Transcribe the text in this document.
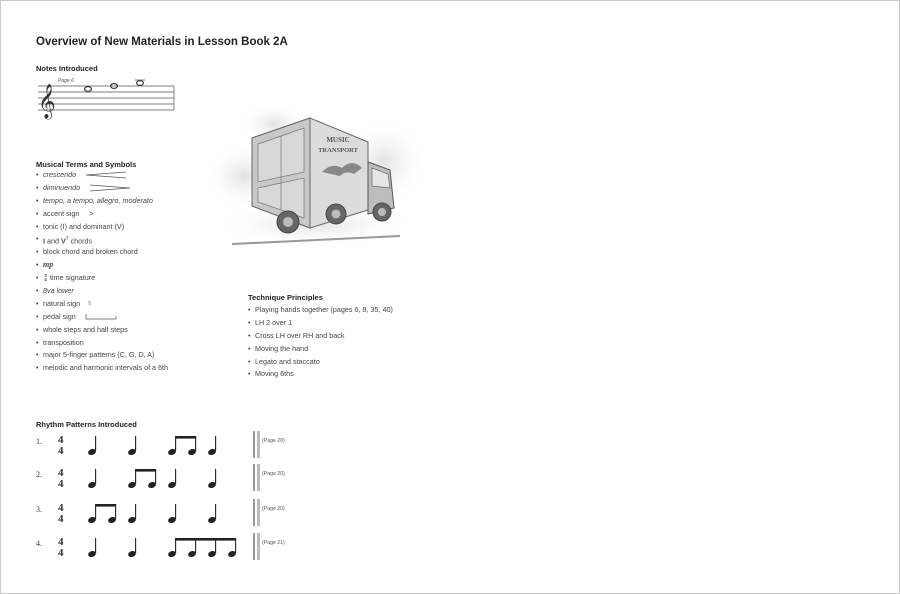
Overview of New Materials in Lesson Book 2A
Notes Introduced
𝄞
Page 6
Musical Terms and Symbols
• crescendo
• diminuendo
• tempo, a tempo, allegro, moderato
• accent sign >
• tonic (I) and dominant (V)
• I and $V^7$ chords
• block chord and broken chord
• mp
• 3
4 time signature
• 8va lower
• natural sign ♮
• pedal sign
• whole steps and half steps
• transposition
• major 5-finger patterns (C, G, D, A)
• melodic and harmonic intervals of a 6th
MUSIC
TRANSPORT
Technique Principles
• Playing hands together (pages 6, 8, 35, 40)
• LH 2 over 1
• Cross LH over RH and back
• Moving the hand
• Legato and staccato
• Moving 6ths
Rhythm Patterns Introduced
1. 4
4
(Page 20)
2. 4
4
(Page 20)
3. 4
4
(Page 20)
4. 4
4
(Page 21)
